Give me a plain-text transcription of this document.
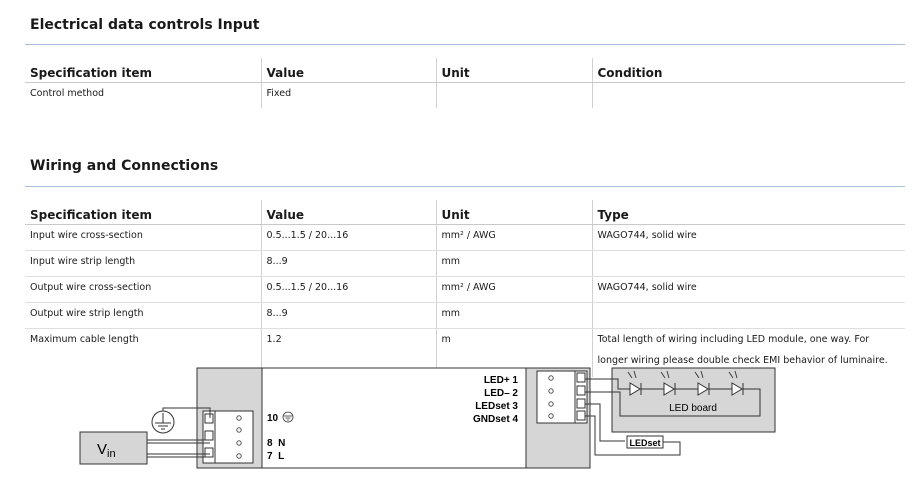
Electrical data controls Input
Specification item	Value	Unit	Condition
Control method	Fixed		
Wiring and Connections
Specification item	Value	Unit	Type
Input wire cross-section	0.5...1.5 / 20...16	mm² / AWG	WAGO744, solid wire
Input wire strip length	8...9	mm	
Output wire cross-section	0.5...1.5 / 20...16	mm² / AWG	WAGO744, solid wire
Output wire strip length	8...9	mm	
Maximum cable length	1.2	m	Total length of wiring including LED module, one way. For longer wiring please double check EMI behavior of luminaire.
10
8  N
7  L
$V_{in}$
LED+ 1
LED– 2
LEDset 3
GNDset 4
LED board
LEDset
